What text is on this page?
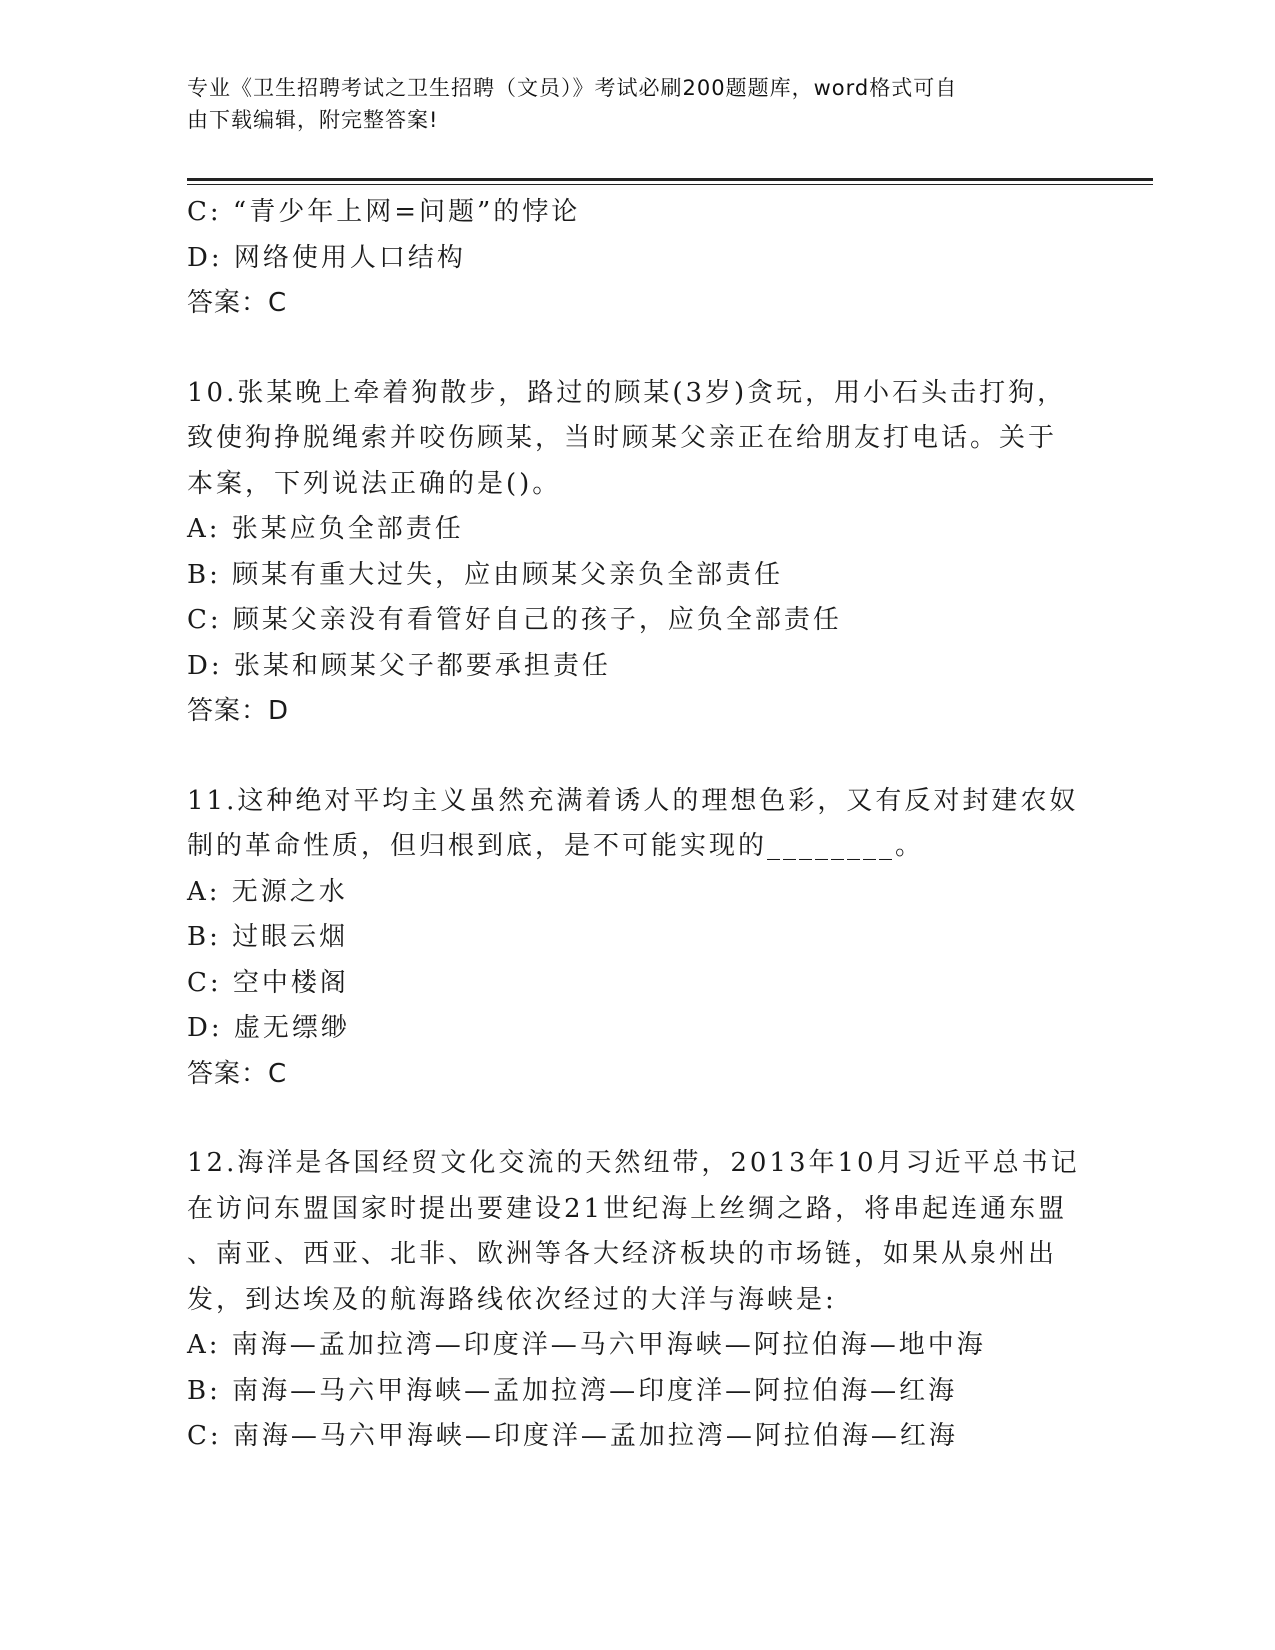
专业《卫生招聘考试之卫生招聘（文员）》考试必刷200题题库，word格式可自
由下载编辑，附完整答案!
C: “青少年上网=问题”的悖论
D: 网络使用人口结构
答案：C
10.张某晚上牵着狗散步，路过的顾某(3岁)贪玩，用小石头击打狗，
致使狗挣脱绳索并咬伤顾某，当时顾某父亲正在给朋友打电话。关于
本案，下列说法正确的是()。
A: 张某应负全部责任
B: 顾某有重大过失，应由顾某父亲负全部责任
C: 顾某父亲没有看管好自己的孩子，应负全部责任
D: 张某和顾某父子都要承担责任
答案：D
11.这种绝对平均主义虽然充满着诱人的理想色彩，又有反对封建农奴
制的革命性质，但归根到底，是不可能实现的________。
A: 无源之水
B: 过眼云烟
C: 空中楼阁
D: 虚无缥缈
答案：C
12.海洋是各国经贸文化交流的天然纽带，2013年10月习近平总书记
在访问东盟国家时提出要建设21世纪海上丝绸之路，将串起连通东盟
、南亚、西亚、北非、欧洲等各大经济板块的市场链，如果从泉州出
发，到达埃及的航海路线依次经过的大洋与海峡是:
A: 南海—孟加拉湾—印度洋—马六甲海峡—阿拉伯海—地中海
B: 南海—马六甲海峡—孟加拉湾—印度洋—阿拉伯海—红海
C: 南海—马六甲海峡—印度洋—孟加拉湾—阿拉伯海—红海
